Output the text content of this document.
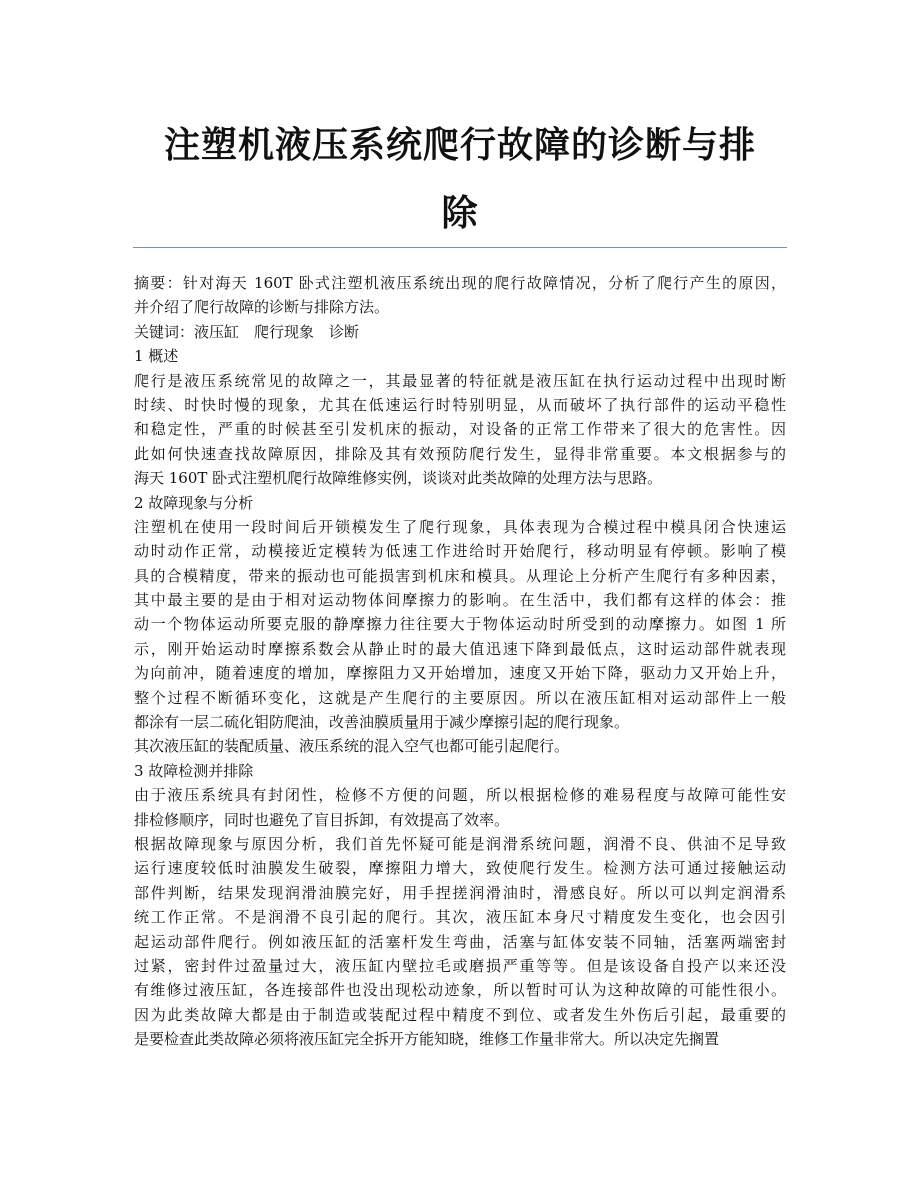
注塑机液压系统爬行故障的诊断与排
除
摘要：针对海天 160T 卧式注塑机液压系统出现的爬行故障情况，分析了爬行产生的原因，
并介绍了爬行故障的诊断与排除方法。
关键词：液压缸　爬行现象　诊断
1 概述
爬行是液压系统常见的故障之一，其最显著的特征就是液压缸在执行运动过程中出现时断
时续、时快时慢的现象，尤其在低速运行时特别明显，从而破坏了执行部件的运动平稳性
和稳定性，严重的时候甚至引发机床的振动，对设备的正常工作带来了很大的危害性。因
此如何快速查找故障原因，排除及其有效预防爬行发生，显得非常重要。本文根据参与的
海天 160T 卧式注塑机爬行故障维修实例，谈谈对此类故障的处理方法与思路。
2 故障现象与分析
注塑机在使用一段时间后开锁模发生了爬行现象，具体表现为合模过程中模具闭合快速运
动时动作正常，动模接近定模转为低速工作进给时开始爬行，移动明显有停顿。影响了模
具的合模精度，带来的振动也可能损害到机床和模具。从理论上分析产生爬行有多种因素，
其中最主要的是由于相对运动物体间摩擦力的影响。在生活中，我们都有这样的体会：推
动一个物体运动所要克服的静摩擦力往往要大于物体运动时所受到的动摩擦力。如图 1 所
示，刚开始运动时摩擦系数会从静止时的最大值迅速下降到最低点，这时运动部件就表现
为向前冲，随着速度的增加，摩擦阻力又开始增加，速度又开始下降，驱动力又开始上升，
整个过程不断循环变化，这就是产生爬行的主要原因。所以在液压缸相对运动部件上一般
都涂有一层二硫化钼防爬油，改善油膜质量用于减少摩擦引起的爬行现象。
其次液压缸的装配质量、液压系统的混入空气也都可能引起爬行。
3 故障检测并排除
由于液压系统具有封闭性，检修不方便的问题，所以根据检修的难易程度与故障可能性安
排检修顺序，同时也避免了盲目拆卸，有效提高了效率。
根据故障现象与原因分析，我们首先怀疑可能是润滑系统问题，润滑不良、供油不足导致
运行速度较低时油膜发生破裂，摩擦阻力增大，致使爬行发生。检测方法可通过接触运动
部件判断，结果发现润滑油膜完好，用手捏搓润滑油时，滑感良好。所以可以判定润滑系
统工作正常。不是润滑不良引起的爬行。其次，液压缸本身尺寸精度发生变化，也会因引
起运动部件爬行。例如液压缸的活塞杆发生弯曲，活塞与缸体安装不同轴，活塞两端密封
过紧，密封件过盈量过大，液压缸内壁拉毛或磨损严重等等。但是该设备自投产以来还没
有维修过液压缸，各连接部件也没出现松动迹象，所以暂时可认为这种故障的可能性很小。
因为此类故障大都是由于制造或装配过程中精度不到位、或者发生外伤后引起，最重要的
是要检查此类故障必须将液压缸完全拆开方能知晓，维修工作量非常大。所以决定先搁置
